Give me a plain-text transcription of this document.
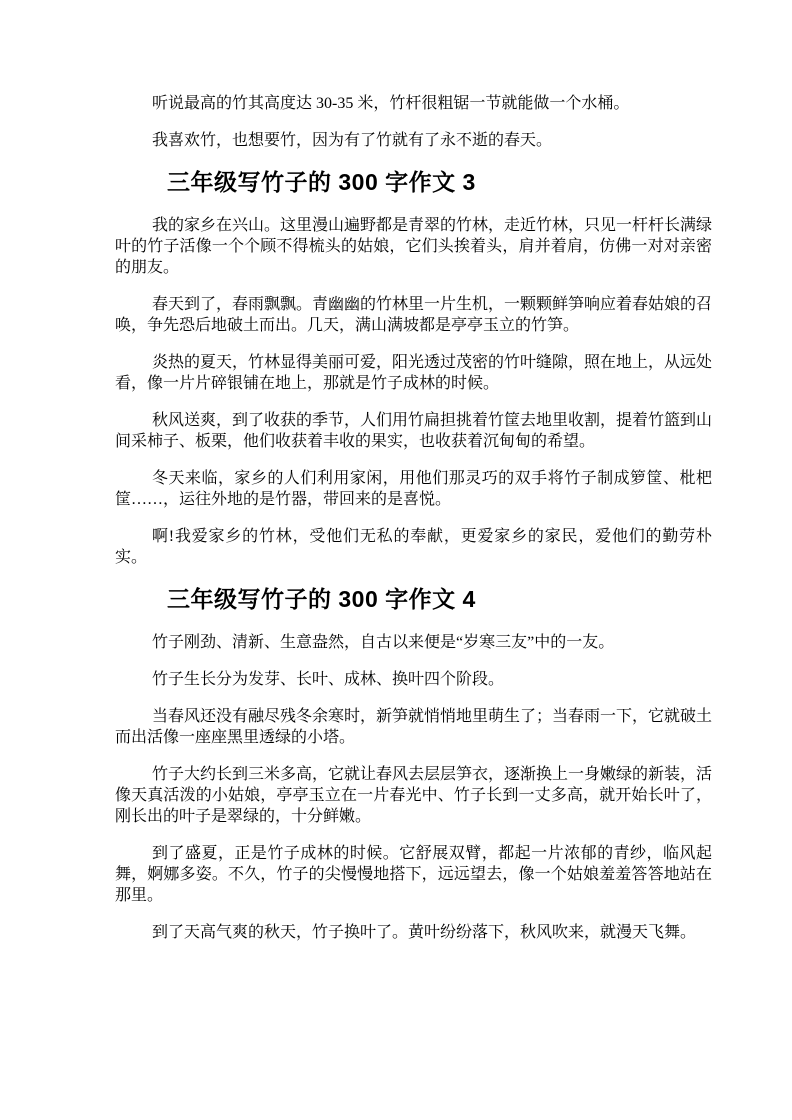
听说最高的竹其高度达 30-35 米，竹杆很粗锯一节就能做一个水桶。

我喜欢竹，也想要竹，因为有了竹就有了永不逝的春天。

三年级写竹子的 300 字作文 3

我的家乡在兴山。这里漫山遍野都是青翠的竹林，走近竹林，只见一杆杆长满绿叶的竹子活像一个个顾不得梳头的姑娘，它们头挨着头，肩并着肩，仿佛一对对亲密的朋友。

春天到了，春雨飘飘。青幽幽的竹林里一片生机，一颗颗鲜笋响应着春姑娘的召唤，争先恐后地破土而出。几天，满山满坡都是亭亭玉立的竹笋。

炎热的夏天，竹林显得美丽可爱，阳光透过茂密的竹叶缝隙，照在地上，从远处看，像一片片碎银铺在地上，那就是竹子成林的时候。

秋风送爽，到了收获的季节，人们用竹扁担挑着竹筐去地里收割，提着竹篮到山间采柿子、板栗，他们收获着丰收的果实，也收获着沉甸甸的希望。

冬天来临，家乡的人们利用家闲，用他们那灵巧的双手将竹子制成箩筐、枇杷筐……，运往外地的是竹器，带回来的是喜悦。

啊!我爱家乡的竹林，受他们无私的奉献，更爱家乡的家民，爱他们的勤劳朴实。

三年级写竹子的 300 字作文 4

竹子刚劲、清新、生意盎然，自古以来便是“岁寒三友”中的一友。

竹子生长分为发芽、长叶、成林、换叶四个阶段。

当春风还没有融尽残冬余寒时，新笋就悄悄地里萌生了；当春雨一下，它就破土而出活像一座座黑里透绿的小塔。

竹子大约长到三米多高，它就让春风去层层笋衣，逐渐换上一身嫩绿的新装，活像天真活泼的小姑娘，亭亭玉立在一片春光中、竹子长到一丈多高，就开始长叶了，刚长出的叶子是翠绿的，十分鲜嫩。

到了盛夏，正是竹子成林的时候。它舒展双臂，都起一片浓郁的青纱，临风起舞，婀娜多姿。不久，竹子的尖慢慢地搭下，远远望去，像一个姑娘羞羞答答地站在那里。

到了天高气爽的秋天，竹子换叶了。黄叶纷纷落下，秋风吹来，就漫天飞舞。
